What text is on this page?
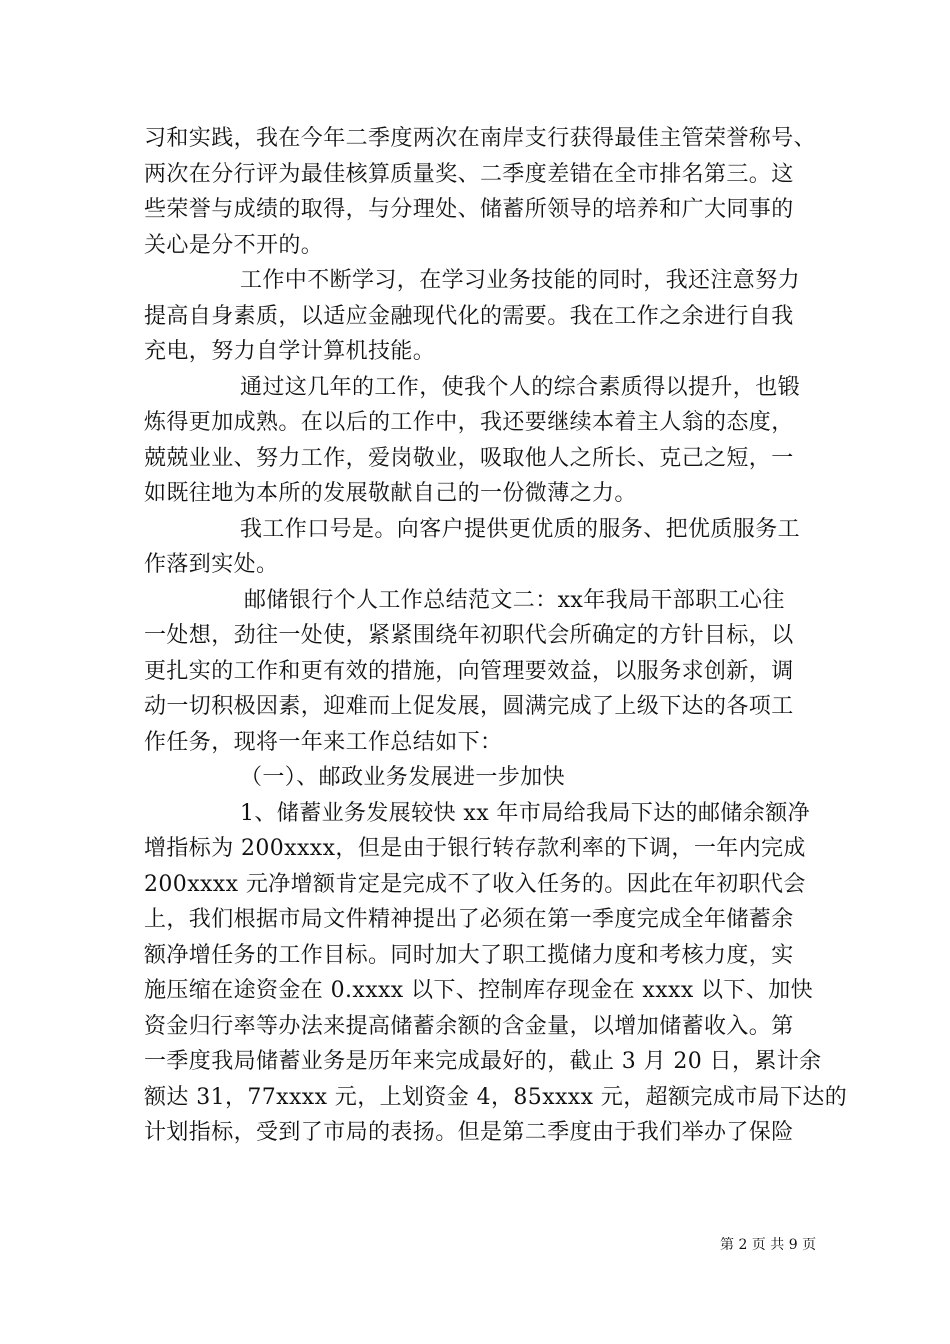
习和实践，我在今年二季度两次在南岸支行获得最佳主管荣誉称号、
两次在分行评为最佳核算质量奖、二季度差错在全市排名第三。这
些荣誉与成绩的取得，与分理处、储蓄所领导的培养和广大同事的
关心是分不开的。
工作中不断学习，在学习业务技能的同时，我还注意努力
提高自身素质，以适应金融现代化的需要。我在工作之余进行自我
充电，努力自学计算机技能。
通过这几年的工作，使我个人的综合素质得以提升，也锻
炼得更加成熟。在以后的工作中，我还要继续本着主人翁的态度，
兢兢业业、努力工作，爱岗敬业，吸取他人之所长、克己之短，一
如既往地为本所的发展敬献自己的一份微薄之力。
我工作口号是。向客户提供更优质的服务、把优质服务工
作落到实处。
邮储银行个人工作总结范文二：xx年我局干部职工心往
一处想，劲往一处使，紧紧围绕年初职代会所确定的方针目标，以
更扎实的工作和更有效的措施，向管理要效益，以服务求创新，调
动一切积极因素，迎难而上促发展，圆满完成了上级下达的各项工
作任务，现将一年来工作总结如下：
（一）、邮政业务发展进一步加快
1、储蓄业务发展较快 xx 年市局给我局下达的邮储余额净
增指标为 200xxxx，但是由于银行转存款利率的下调，一年内完成
200xxxx 元净增额肯定是完成不了收入任务的。因此在年初职代会
上，我们根据市局文件精神提出了必须在第一季度完成全年储蓄余
额净增任务的工作目标。同时加大了职工揽储力度和考核力度，实
施压缩在途资金在 0.xxxx 以下、控制库存现金在 xxxx 以下、加快
资金归行率等办法来提高储蓄余额的含金量，以增加储蓄收入。第
一季度我局储蓄业务是历年来完成最好的，截止 3 月 20 日，累计余
额达 31，77xxxx 元，上划资金 4，85xxxx 元，超额完成市局下达的
计划指标，受到了市局的表扬。但是第二季度由于我们举办了保险
第 2 页 共 9 页
